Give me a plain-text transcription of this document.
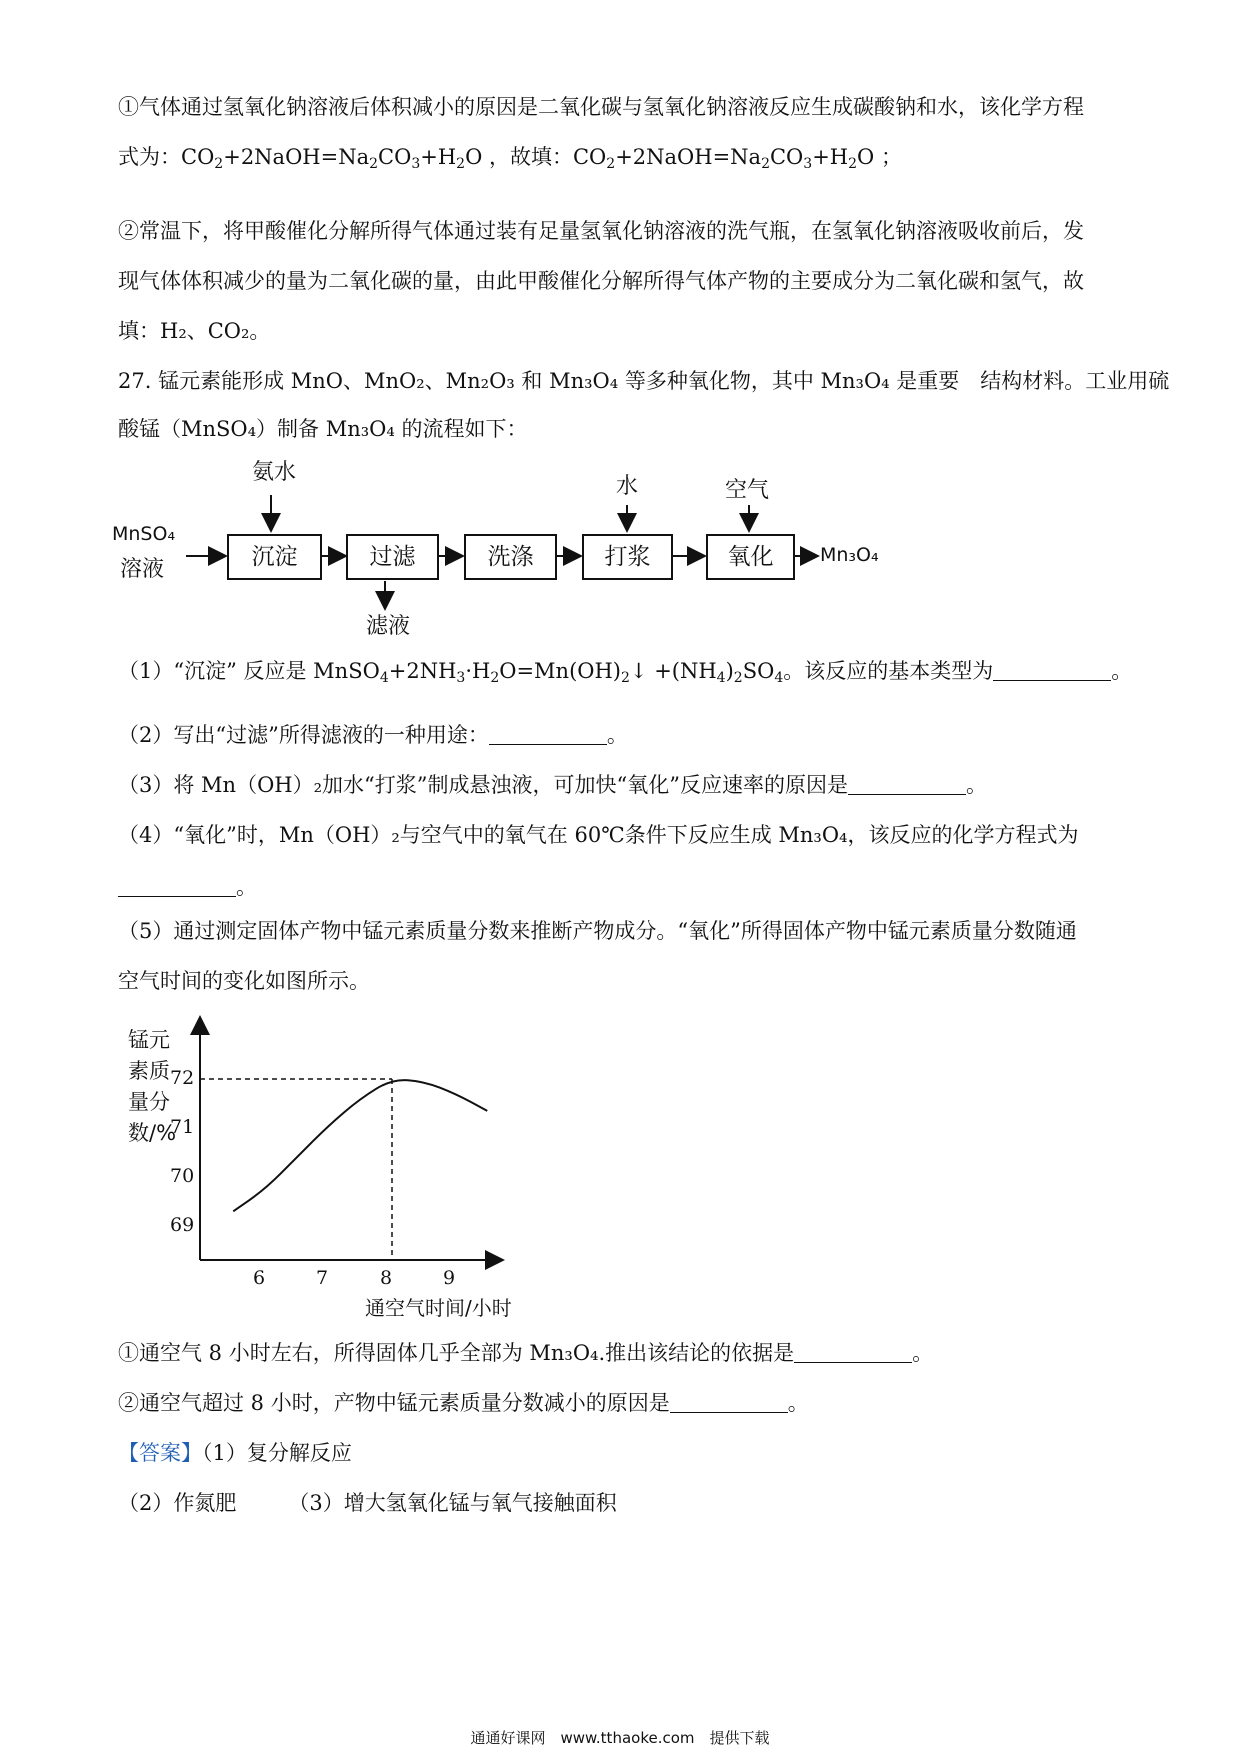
①气体通过氢氧化钠溶液后体积减小的原因是二氧化碳与氢氧化钠溶液反应生成碳酸钠和水，该化学方程
式为：$CO_2+2NaOH=Na_2CO_3+H_2O$ ，故填：$CO_2+2NaOH=Na_2CO_3+H_2O$ ；
②常温下，将甲酸催化分解所得气体通过装有足量氢氧化钠溶液的洗气瓶，在氢氧化钠溶液吸收前后，发
现气体体积减少的量为二氧化碳的量，由此甲酸催化分解所得气体产物的主要成分为二氧化碳和氢气，故
填：H₂、CO₂。
27. 锰元素能形成 MnO、MnO₂、Mn₂O₃ 和 Mn₃O₄ 等多种氧化物，其中 Mn₃O₄ 是重要　结构材料。工业用硫
酸锰（MnSO₄）制备 Mn₃O₄ 的流程如下：
MnSO₄
溶液
氨水
水	空气
滤液
Mn₃O₄
沉淀	过滤	洗涤	打浆	氧化
（1）“沉淀” 反应是 $MnSO_4+2NH_3\cdot H_2O=Mn(OH)_2↓ +(NH_4)_2SO_4$。该反应的基本类型为	。
（2）写出“过滤”所得滤液的一种用途：	。
（3）将 Mn（OH）₂加水“打浆”制成悬浊液，可加快“氧化”反应速率的原因是	。
（4）“氧化”时，Mn（OH）₂与空气中的氧气在 60℃条件下反应生成 Mn₃O₄，该反应的化学方程式为
。
（5）通过测定固体产物中锰元素质量分数来推断产物成分。“氧化”所得固体产物中锰元素质量分数随通
空气时间的变化如图所示。
锰元
素质
量分
数/%
69
70
71
72
6	7	8	9
通空气时间/小时
①通空气 8 小时左右，所得固体几乎全部为 Mn₃O₄.推出该结论的依据是	。
②通空气超过 8 小时，产物中锰元素质量分数减小的原因是	。
【答案】（1）复分解反应
（2）作氮肥 （3）增大氢氧化锰与氧气接触面积
通通好课网　www.tthaoke.com　提供下载
